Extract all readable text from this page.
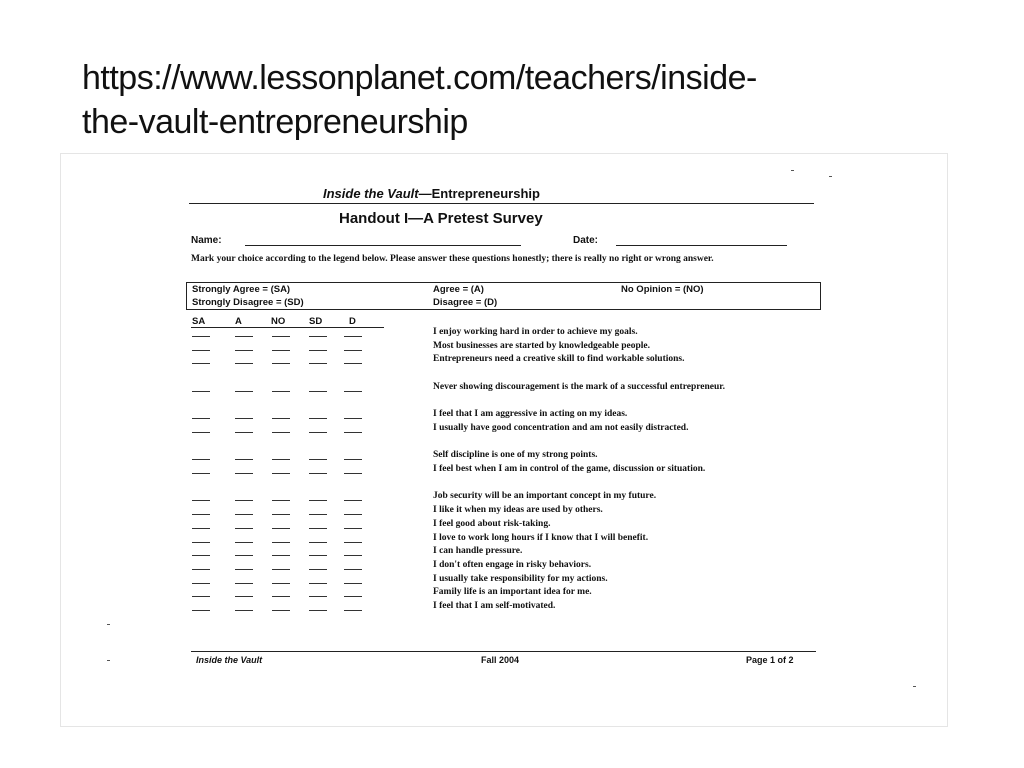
https://www.lessonplanet.com/teachers/inside-
the-vault-entrepreneurship
Inside the Vault—Entrepreneurship
Handout I—A Pretest Survey
Name:	Date:
Mark your choice according to the legend below. Please answer these questions honestly; there is really no right or wrong answer.
Strongly Agree = (SA)	Agree = (A)	No Opinion = (NO)
Strongly Disagree = (SD)	Disagree = (D)
SA	A	NO	SD	D
I enjoy working hard in order to achieve my goals.
Most businesses are started by knowledgeable people.
Entrepreneurs need a creative skill to find workable solutions.
Never showing discouragement is the mark of a successful entrepreneur.
I feel that I am aggressive in acting on my ideas.
I usually have good concentration and am not easily distracted.
Self discipline is one of my strong points.
I feel best when I am in control of the game, discussion or situation.
Job security will be an important concept in my future.
I like it when my ideas are used by others.
I feel good about risk-taking.
I love to work long hours if I know that I will benefit.
I can handle pressure.
I don't often engage in risky behaviors.
I usually take responsibility for my actions.
Family life is an important idea for me.
I feel that I am self-motivated.
Inside the Vault	Fall 2004	Page 1 of 2
